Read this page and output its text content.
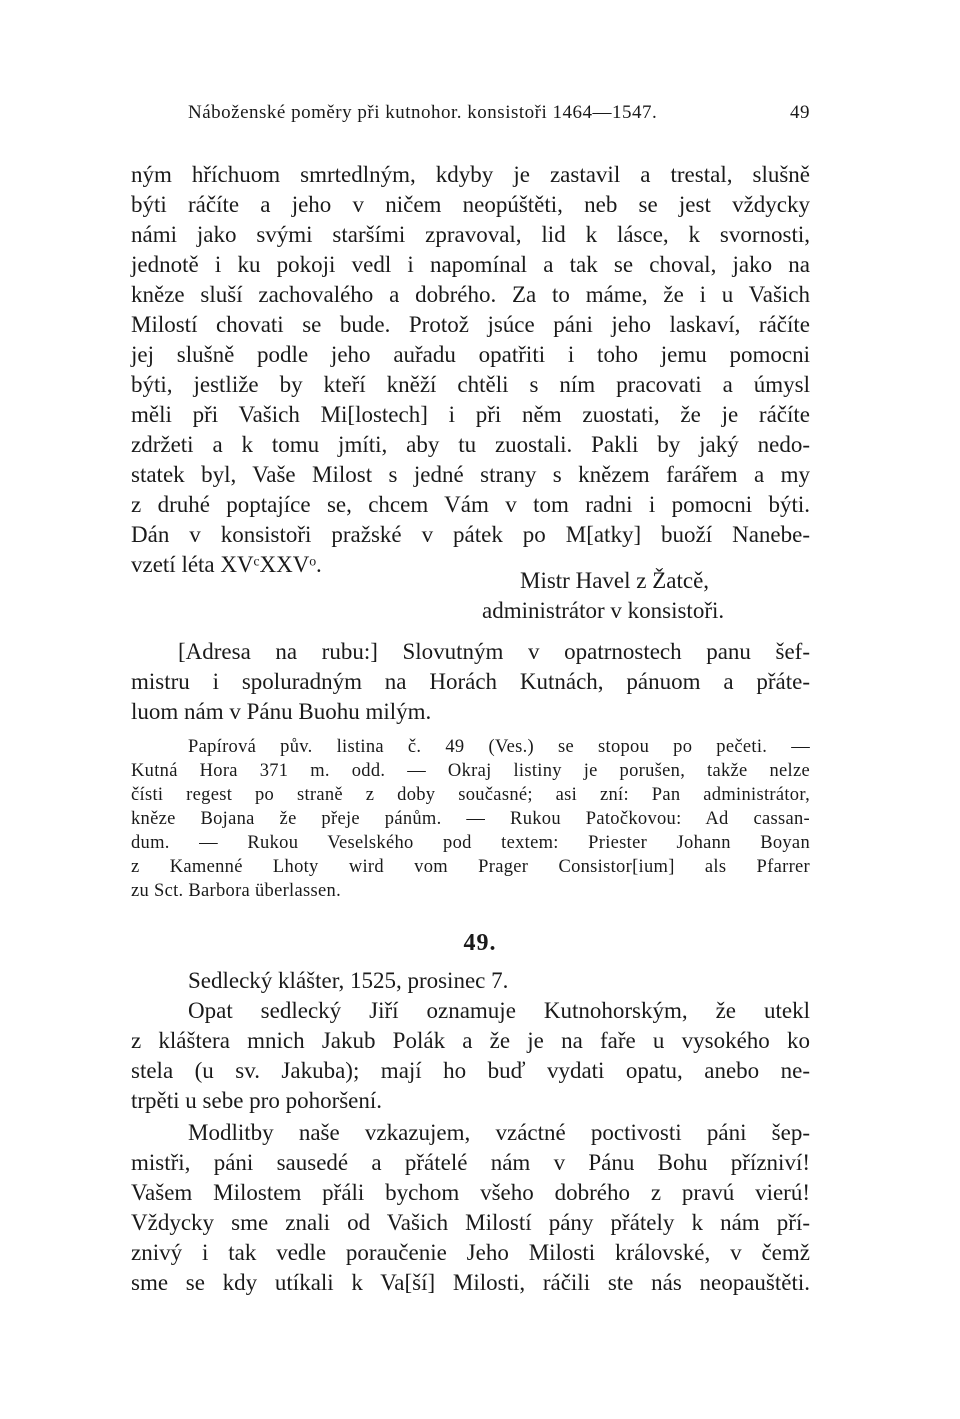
Náboženské poměry při kutnohor. konsistoři 1464—1547.	49
ným hříchuom smrtedlným, kdyby je zastavil a trestal, slušně
býti ráčíte a jeho v ničem neopúštěti, neb se jest vždycky
námi jako svými staršími zpravoval, lid k lásce, k svornosti,
jednotě i ku pokoji vedl i napomínal a tak se choval, jako na
kněze sluší zachovalého a dobrého. Za to máme, že i u Vašich
Milostí chovati se bude. Protož jsúce páni jeho laskaví, ráčíte
jej slušně podle jeho auřadu opatřiti i toho jemu pomocni
býti, jestliže by kteří kněží chtěli s ním pracovati a úmysl
měli při Vašich Mi[lostech] i při něm zuostati, že je ráčíte
zdržeti a k tomu jmíti, aby tu zuostali. Pakli by jaký nedo-
statek byl, Vaše Milost s jedné strany s knězem farářem a my
z druhé poptajíce se, chcem Vám v tom radni i pomocni býti.
Dán v konsistoři pražské v pátek po M[atky] buoží Nanebe-
vzetí léta XVᶜXXVᵒ.
Mistr Havel z Žatcě,
administrátor v konsistoři.
[Adresa na rubu:] Slovutným v opatrnostech panu šef-
mistru i spoluradným na Horách Kutnách, pánuom a přáte-
luom nám v Pánu Buohu milým.
Papírová pův. listina č. 49 (Ves.) se stopou po pečeti. —
Kutná Hora 371 m. odd. — Okraj listiny je porušen, takže nelze
čísti regest po straně z doby současné; asi zní: Pan administrátor,
kněze Bojana že přeje pánům. — Rukou Patočkovou: Ad cassan-
dum. — Rukou Veselského pod textem: Priester Johann Boyan
z Kamenné Lhoty wird vom Prager Consistor[ium] als Pfarrer
zu Sct. Barbora überlassen.
49.
Sedlecký klášter, 1525, prosinec 7.
Opat sedlecký Jiří oznamuje Kutnohorským, že utekl
z kláštera mnich Jakub Polák a že je na faře u vysokého ko
stela (u sv. Jakuba); mají ho buď vydati opatu, anebo ne-
trpěti u sebe pro pohoršení.
Modlitby naše vzkazujem, vzáctné poctivosti páni šep-
mistři, páni sausedé a přátelé nám v Pánu Bohu přízniví!
Vašem Milostem přáli bychom všeho dobrého z pravú vierú!
Vždycky sme znali od Vašich Milostí pány přátely k nám pří-
znivý i tak vedle poraučenie Jeho Milosti královské, v čemž
sme se kdy utíkali k Va[ší] Milosti, ráčili ste nás neopauštěti.
